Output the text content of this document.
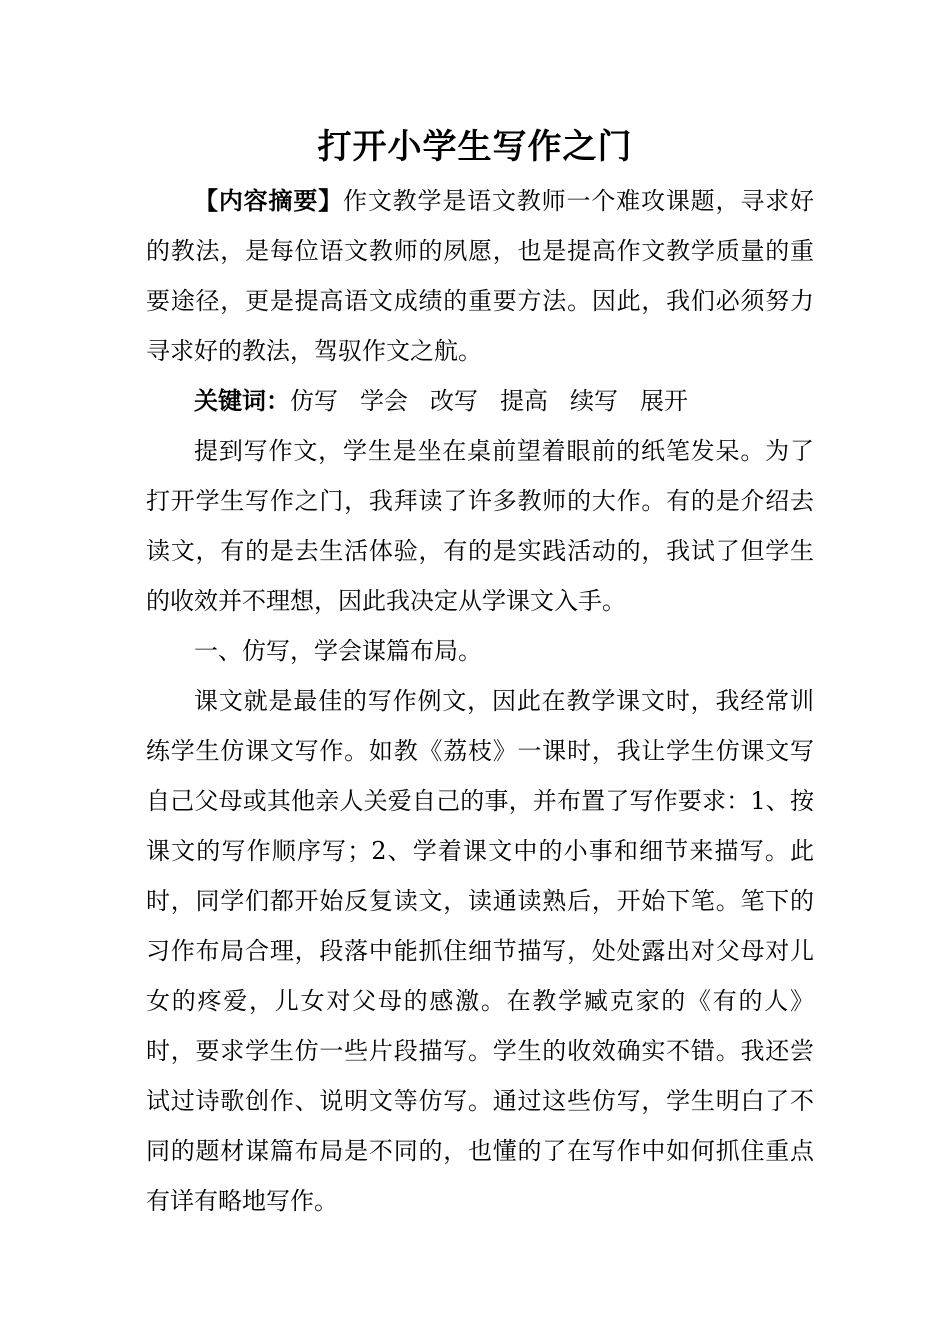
打开小学生写作之门

【内容摘要】作文教学是语文教师一个难攻课题，寻求好的教法，是每位语文教师的夙愿，也是提高作文教学质量的重要途径，更是提高语文成绩的重要方法。因此，我们必须努力寻求好的教法，驾驭作文之航。

关键词：仿写 学会 改写 提高 续写 展开

提到写作文，学生是坐在桌前望着眼前的纸笔发呆。为了打开学生写作之门，我拜读了许多教师的大作。有的是介绍去读文，有的是去生活体验，有的是实践活动的，我试了但学生的收效并不理想，因此我决定从学课文入手。

一、仿写，学会谋篇布局。

课文就是最佳的写作例文，因此在教学课文时，我经常训练学生仿课文写作。如教《荔枝》一课时，我让学生仿课文写自己父母或其他亲人关爱自己的事，并布置了写作要求：1、按课文的写作顺序写；2、学着课文中的小事和细节来描写。此时，同学们都开始反复读文，读通读熟后，开始下笔。笔下的习作布局合理，段落中能抓住细节描写，处处露出对父母对儿女的疼爱，儿女对父母的感激。在教学臧克家的《有的人》时，要求学生仿一些片段描写。学生的收效确实不错。我还尝试过诗歌创作、说明文等仿写。通过这些仿写，学生明白了不同的题材谋篇布局是不同的，也懂的了在写作中如何抓住重点有详有略地写作。
